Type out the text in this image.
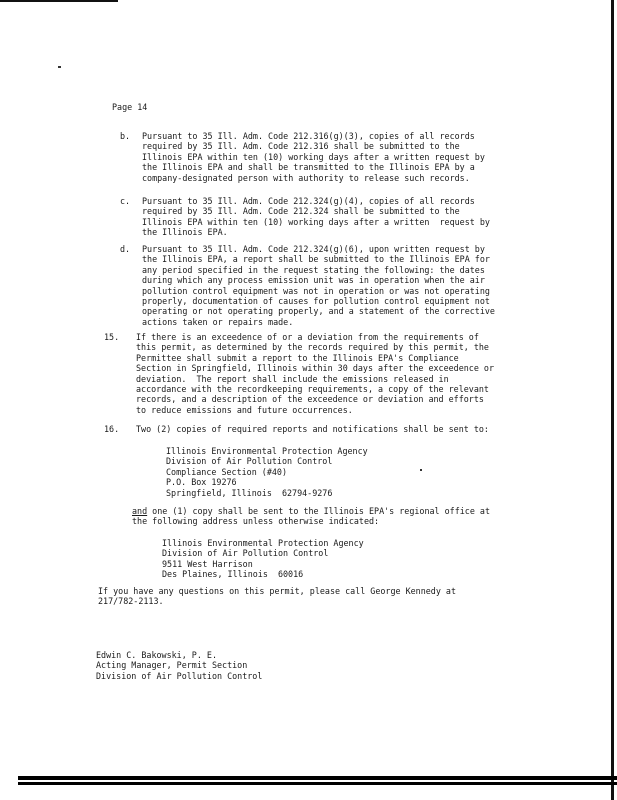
Page 14
b. Pursuant to 35 Ill. Adm. Code 212.316(g)(3), copies of all records
required by 35 Ill. Adm. Code 212.316 shall be submitted to the
Illinois EPA within ten (10) working days after a written request by
the Illinois EPA and shall be transmitted to the Illinois EPA by a
company-designated person with authority to release such records.
c. Pursuant to 35 Ill. Adm. Code 212.324(g)(4), copies of all records
required by 35 Ill. Adm. Code 212.324 shall be submitted to the
Illinois EPA within ten (10) working days after a written  request by
the Illinois EPA.
d. Pursuant to 35 Ill. Adm. Code 212.324(g)(6), upon written request by
the Illinois EPA, a report shall be submitted to the Illinois EPA for
any period specified in the request stating the following: the dates
during which any process emission unit was in operation when the air
pollution control equipment was not in operation or was not operating
properly, documentation of causes for pollution control equipment not
operating or not operating properly, and a statement of the corrective
actions taken or repairs made.
15. If there is an exceedence of or a deviation from the requirements of
this permit, as determined by the records required by this permit, the
Permittee shall submit a report to the Illinois EPA's Compliance
Section in Springfield, Illinois within 30 days after the exceedence or
deviation.  The report shall include the emissions released in
accordance with the recordkeeping requirements, a copy of the relevant
records, and a description of the exceedence or deviation and efforts
to reduce emissions and future occurrences.
16. Two (2) copies of required reports and notifications shall be sent to:
Illinois Environmental Protection Agency
Division of Air Pollution Control
Compliance Section (#40)
P.O. Box 19276
Springfield, Illinois  62794-9276
and one (1) copy shall be sent to the Illinois EPA's regional office at
the following address unless otherwise indicated:
Illinois Environmental Protection Agency
Division of Air Pollution Control
9511 West Harrison
Des Plaines, Illinois  60016
If you have any questions on this permit, please call George Kennedy at
217/782-2113.
Edwin C. Bakowski, P. E.
Acting Manager, Permit Section
Division of Air Pollution Control
